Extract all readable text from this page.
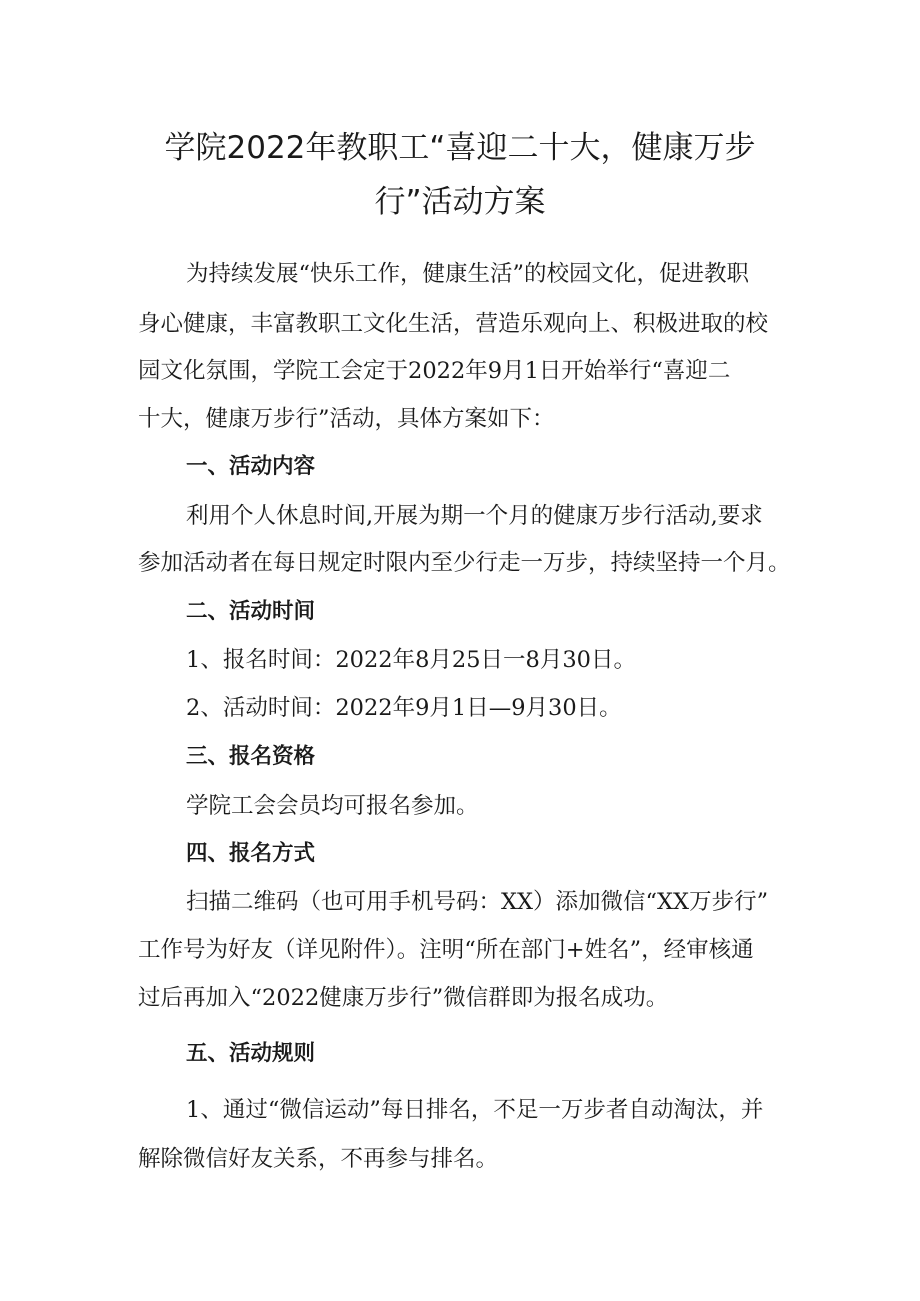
学院2022年教职工“喜迎二十大，健康万步
行”活动方案
为持续发展“快乐工作，健康生活”的校园文化，促进教职
身心健康，丰富教职工文化生活，营造乐观向上、积极进取的校
园文化氛围，学院工会定于2022年9月1日开始举行“喜迎二
十大，健康万步行”活动，具体方案如下：
一、活动内容
利用个人休息时间,开展为期一个月的健康万步行活动,要求
参加活动者在每日规定时限内至少行走一万步，持续坚持一个月。
二、活动时间
1、报名时间：2022年8月25日一8月30日。
2、活动时间：2022年9月1日—9月30日。
三、报名资格
学院工会会员均可报名参加。
四、报名方式
扫描二维码（也可用手机号码：XX）添加微信“XX万步行”
工作号为好友（详见附件）。注明“所在部门+姓名”，经审核通
过后再加入“2022健康万步行”微信群即为报名成功。
五、活动规则
1、通过“微信运动”每日排名，不足一万步者自动淘汰，并
解除微信好友关系，不再参与排名。
